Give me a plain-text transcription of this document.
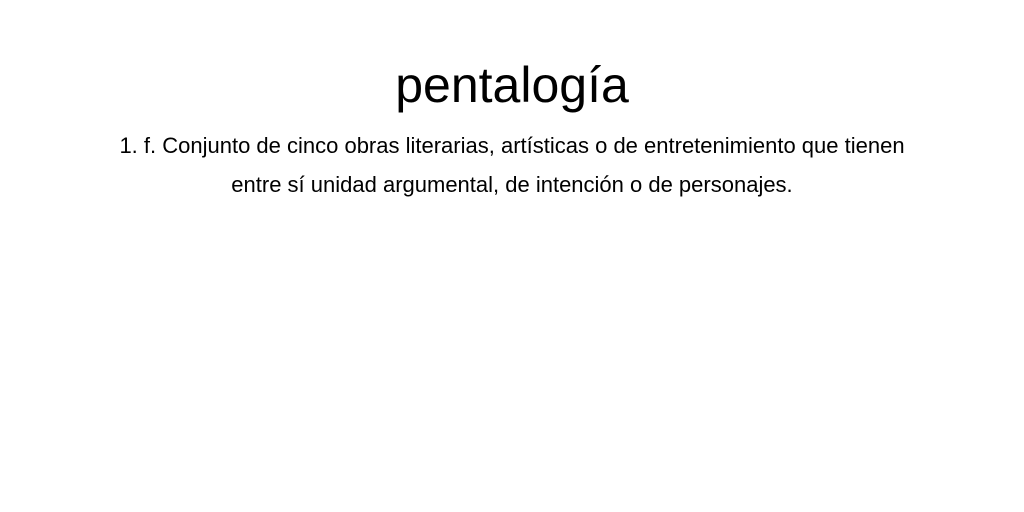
pentalogía

1. f. Conjunto de cinco obras literarias, artísticas o de entretenimiento que tienen entre sí unidad argumental, de intención o de personajes.
